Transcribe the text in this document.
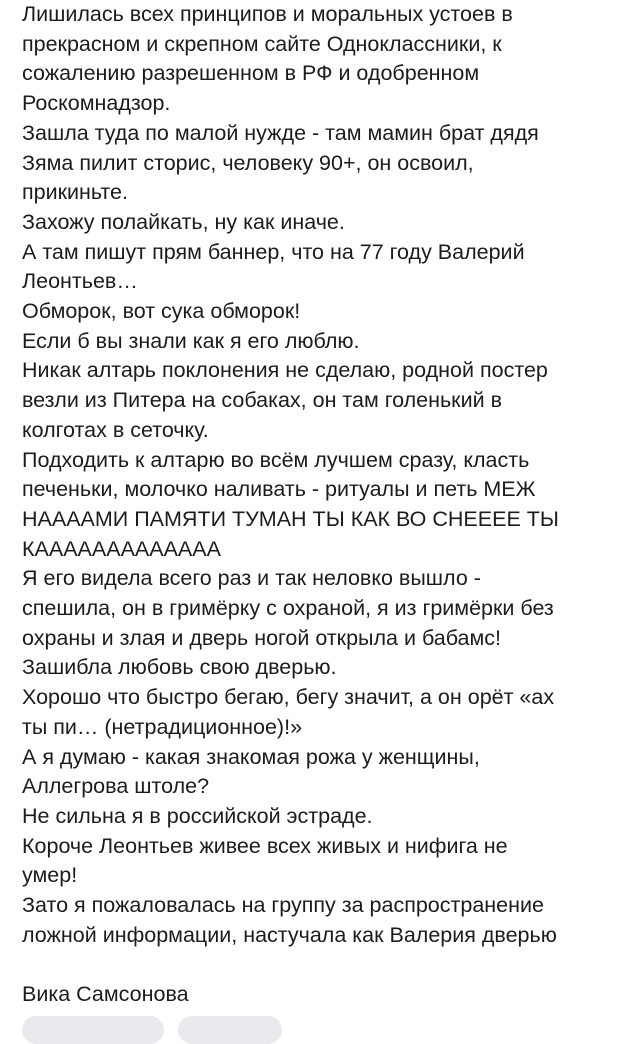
Лишилась всех принципов и моральных устоев в
прекрасном и скрепном сайте Одноклассники, к
сожалению разрешенном в РФ и одобренном
Роскомнадзор.
Зашла туда по малой нужде - там мамин брат дядя
Зяма пилит сторис, человеку 90+, он освоил,
прикиньте.
Захожу полайкать, ну как иначе.
А там пишут прям баннер, что на 77 году Валерий
Леонтьев…
Обморок, вот сука обморок!
Если б вы знали как я его люблю.
Никак алтарь поклонения не сделаю, родной постер
везли из Питера на собаках, он там голенький в
колготах в сеточку.
Подходить к алтарю во всём лучшем сразу, класть
печеньки, молочко наливать - ритуалы и петь МЕЖ
НААААМИ ПАМЯТИ ТУМАН ТЫ КАК ВО СНЕЕЕЕ ТЫ
КААААААААААААА
Я его видела всего раз и так неловко вышло -
спешила, он в гримёрку с охраной, я из гримёрки без
охраны и злая и дверь ногой открыла и бабамс!
Зашибла любовь свою дверью.
Хорошо что быстро бегаю, бегу значит, а он орёт «ах
ты пи… (нетрадиционное)!»
А я думаю - какая знакомая рожа у женщины,
Аллегрова штоле?
Не сильна я в российской эстраде.
Короче Леонтьев живее всех живых и нифига не
умер!
Зато я пожаловалась на группу за распространение
ложной информации, настучала как Валерия дверью
Вика Самсонова
